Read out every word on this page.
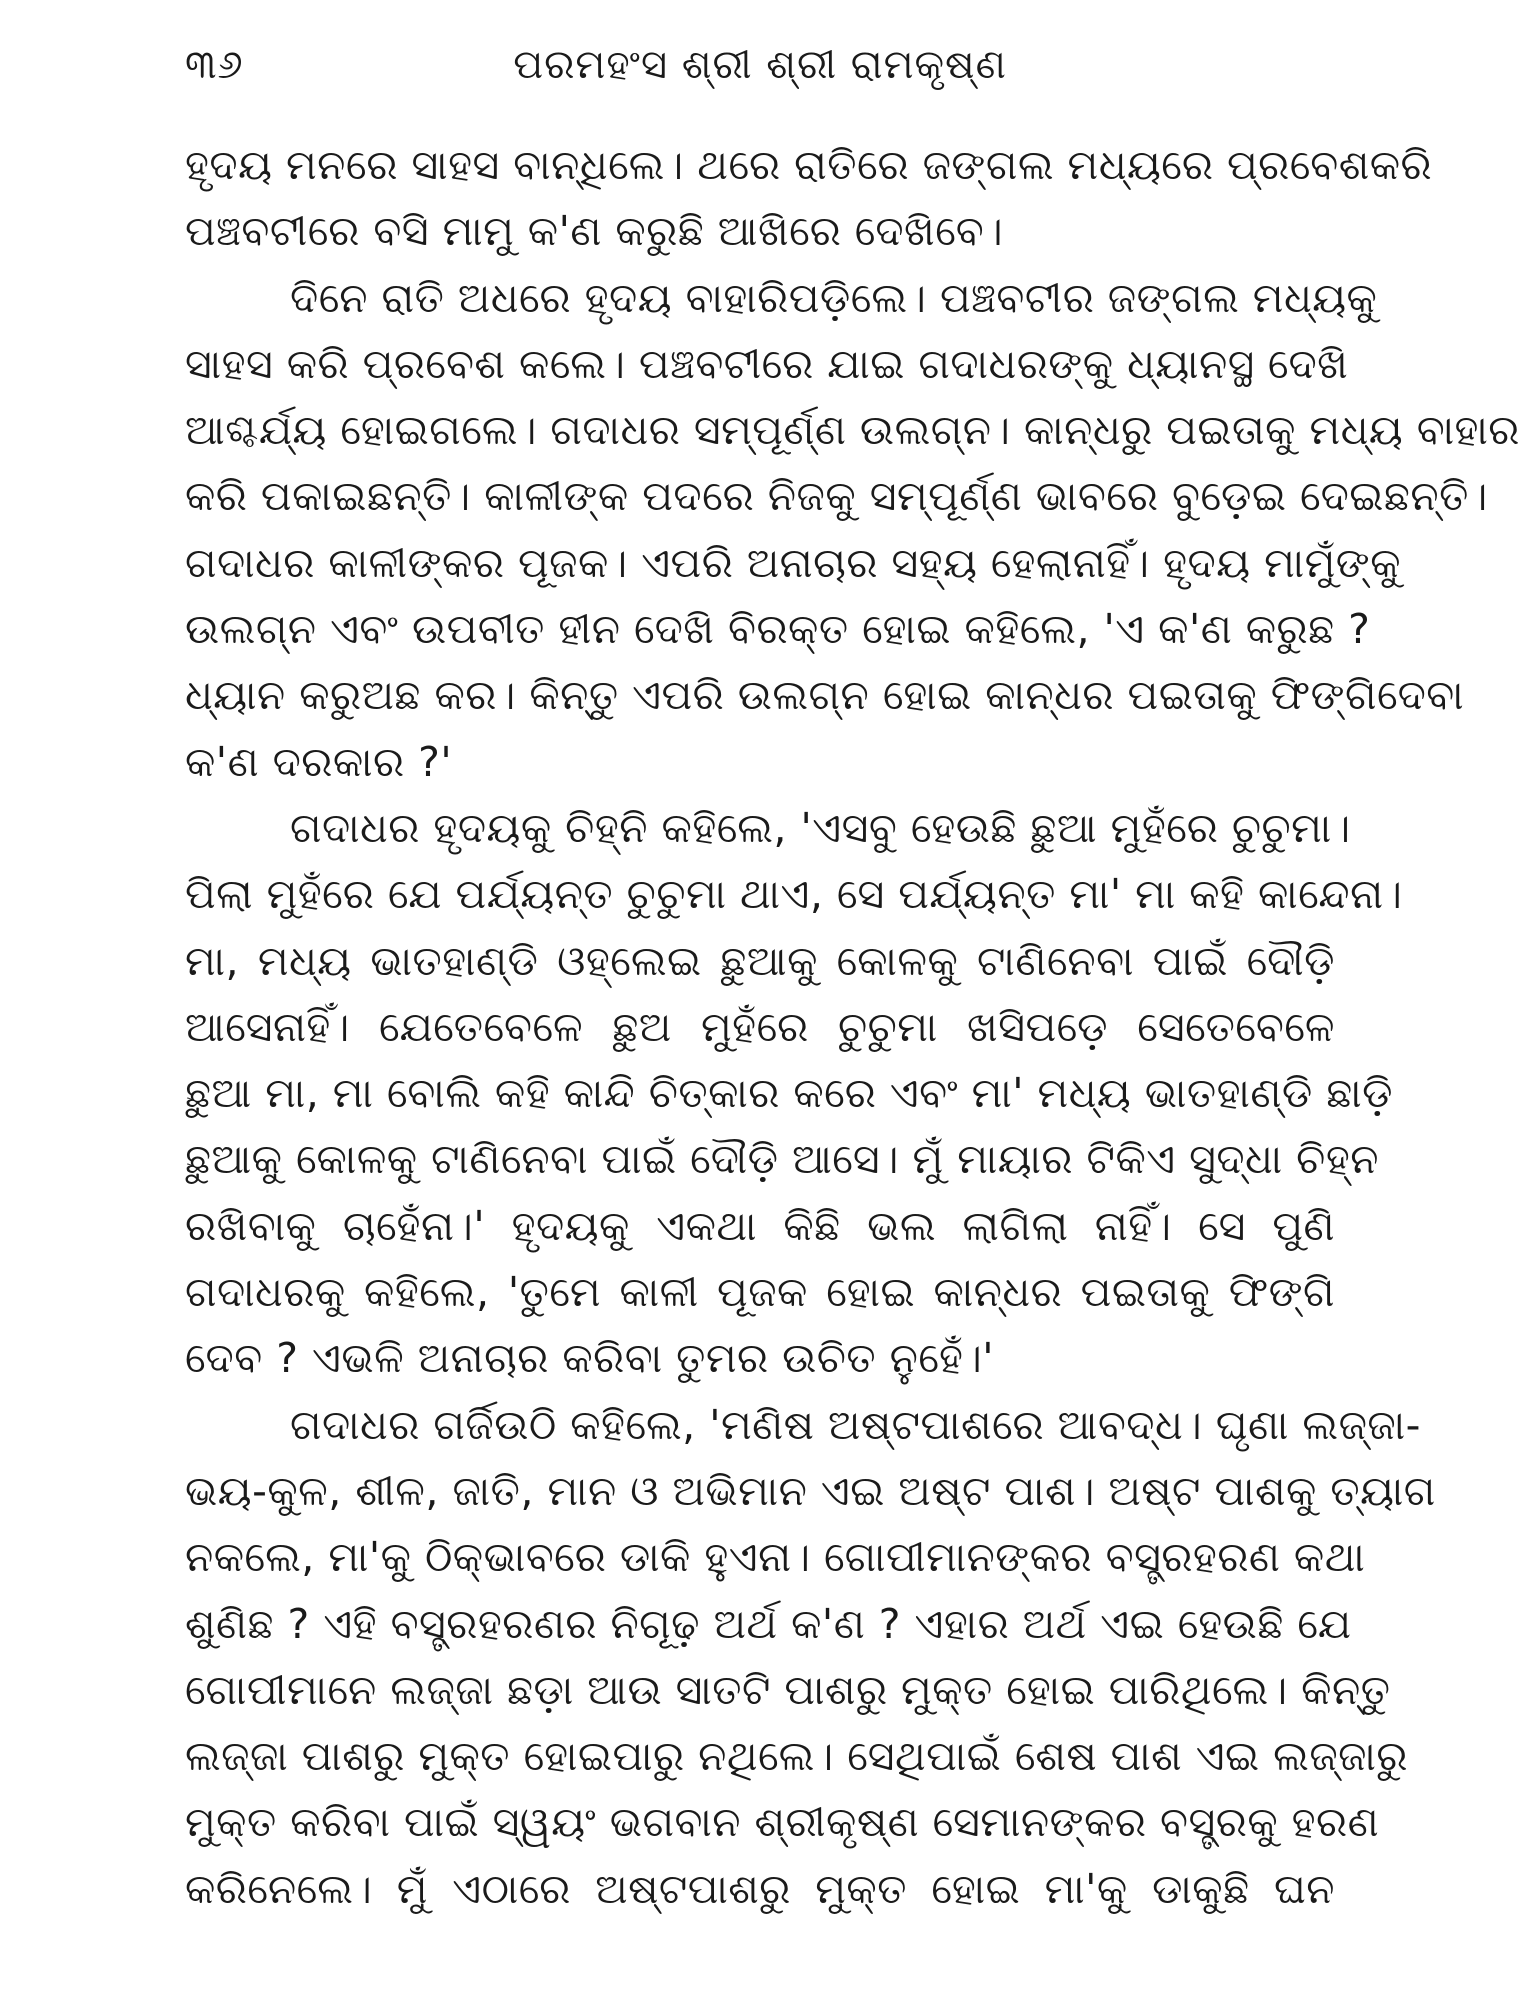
୩୬	ପରମହଂସ ଶ୍ରୀ ଶ୍ରୀ ରାମକୃଷ୍ଣ
ହୃଦୟ ମନରେ ସାହସ ବାନ୍ଧିଲେ। ଥରେ ରାତିରେ ଜଙ୍ଗଲ ମଧ୍ୟରେ ପ୍ରବେଶକରି
ପଞ୍ଚବଟୀରେ ବସି ମାମୁ କ'ଣ କରୁଛି ଆଖିରେ ଦେଖିବେ।
ଦିନେ ରାତି ଅଧରେ ହୃଦୟ ବାହାରିପଡ଼ିଲେ। ପଞ୍ଚବଟୀର ଜଙ୍ଗଲ ମଧ୍ୟକୁ
ସାହସ କରି ପ୍ରବେଶ କଲେ। ପଞ୍ଚବଟୀରେ ଯାଇ ଗଦାଧରଙ୍କୁ ଧ୍ୟାନସ୍ଥ ଦେଖି
ଆଶ୍ଚର୍ଯ୍ୟ ହୋଇଗଲେ। ଗଦାଧର ସମ୍ପୂର୍ଣ୍ଣ ଉଲଗ୍ନ। କାନ୍ଧରୁ ପଇତାକୁ ମଧ୍ୟ ବାହାର
କରି ପକାଇଛନ୍ତି। କାଳୀଙ୍କ ପଦରେ ନିଜକୁ ସମ୍ପୂର୍ଣ୍ଣ ଭାବରେ ବୁଡ଼େଇ ଦେଇଛନ୍ତି।
ଗଦାଧର କାଳୀଙ୍କର ପୂଜକ। ଏପରି ଅନାଚାର ସହ୍ୟ ହେଲାନାହିଁ। ହୃଦୟ ମାମୁଁଙ୍କୁ
ଉଲଗ୍ନ ଏବଂ ଉପବୀତ ହୀନ ଦେଖି ବିରକ୍ତ ହୋଇ କହିଲେ, 'ଏ କ'ଣ କରୁଛ ?
ଧ୍ୟାନ କରୁଅଛ କର। କିନ୍ତୁ ଏପରି ଉଲଗ୍ନ ହୋଇ କାନ୍ଧର ପଇତାକୁ ଫିଙ୍ଗିଦେବା
କ'ଣ ଦରକାର ?'
ଗଦାଧର ହୃଦୟକୁ ଚିହ୍ନି କହିଲେ, 'ଏସବୁ ହେଉଛି ଛୁଆ ମୁହଁରେ ଚୁଚୁମା।
ପିଲା ମୁହଁରେ ଯେ ପର୍ଯ୍ୟନ୍ତ ଚୁଚୁମା ଥାଏ, ସେ ପର୍ଯ୍ୟନ୍ତ ମା' ମା କହି କାନ୍ଦେନା।
ମା, ମଧ୍ୟ ଭାତହାଣ୍ଡି ଓହ୍ଲେଇ ଛୁଆକୁ କୋଳକୁ ଟାଣିନେବା ପାଇଁ ଦୌଡ଼ି
ଆସେନାହିଁ। ଯେତେବେଳେ ଛୁଅ ମୁହଁରେ ଚୁଚୁମା ଖସିପଡ଼େ ସେତେବେଳେ
ଛୁଆ ମା, ମା ବୋଲି କହି କାନ୍ଦି ଚିତ୍କାର କରେ ଏବଂ ମା' ମଧ୍ୟ ଭାତହାଣ୍ଡି ଛାଡ଼ି
ଛୁଆକୁ କୋଳକୁ ଟାଣିନେବା ପାଇଁ ଦୌଡ଼ି ଆସେ। ମୁଁ ମାୟାର ଟିକିଏ ସୁଦ୍ଧା ଚିହ୍ନ
ରଖିବାକୁ ଚାହେଁନା।' ହୃଦୟକୁ ଏକଥା କିଛି ଭଲ ଲାଗିଲା ନାହିଁ। ସେ ପୁଣି
ଗଦାଧରକୁ କହିଲେ, 'ତୁମେ କାଳୀ ପୂଜକ ହୋଇ କାନ୍ଧର ପଇତାକୁ ଫିଙ୍ଗି
ଦେବ ? ଏଭଳି ଅନାଚାର କରିବା ତୁମର ଉଚିତ ନୁହେଁ।'
ଗଦାଧର ଗର୍ଜିଉଠି କହିଲେ, 'ମଣିଷ ଅଷ୍ଟପାଶରେ ଆବଦ୍ଧ। ଘୃଣା ଲଜ୍ଜା-
ଭୟ-କୁଳ, ଶୀଳ, ଜାତି, ମାନ ଓ ଅଭିମାନ ଏଇ ଅଷ୍ଟ ପାଶ। ଅଷ୍ଟ ପାଶକୁ ତ୍ୟାଗ
ନକଲେ, ମା'କୁ ଠିକ୍‌ଭାବରେ ଡାକି ହୁଏନା। ଗୋପୀମାନଙ୍କର ବସ୍ତ୍ରହରଣ କଥା
ଶୁଣିଛ ? ଏହି ବସ୍ତ୍ରହରଣର ନିଗୂଢ଼ ଅର୍ଥ କ'ଣ ? ଏହାର ଅର୍ଥ ଏଇ ହେଉଛି ଯେ
ଗୋପୀମାନେ ଲଜ୍ଜା ଛଡ଼ା ଆଉ ସାତଟି ପାଶରୁ ମୁକ୍ତ ହୋଇ ପାରିଥିଲେ। କିନ୍ତୁ
ଲଜ୍ଜା ପାଶରୁ ମୁକ୍ତ ହୋଇପାରୁ ନଥିଲେ। ସେଥିପାଇଁ ଶେଷ ପାଶ ଏଇ ଲଜ୍ଜାରୁ
ମୁକ୍ତ କରିବା ପାଇଁ ସ୍ୱୟଂ ଭଗବାନ ଶ୍ରୀକୃଷ୍ଣ ସେମାନଙ୍କର ବସ୍ତ୍ରକୁ ହରଣ
କରିନେଲେ। ମୁଁ ଏଠାରେ ଅଷ୍ଟପାଶରୁ ମୁକ୍ତ ହୋଇ ମା'କୁ ଡାକୁଛି ଘନ
